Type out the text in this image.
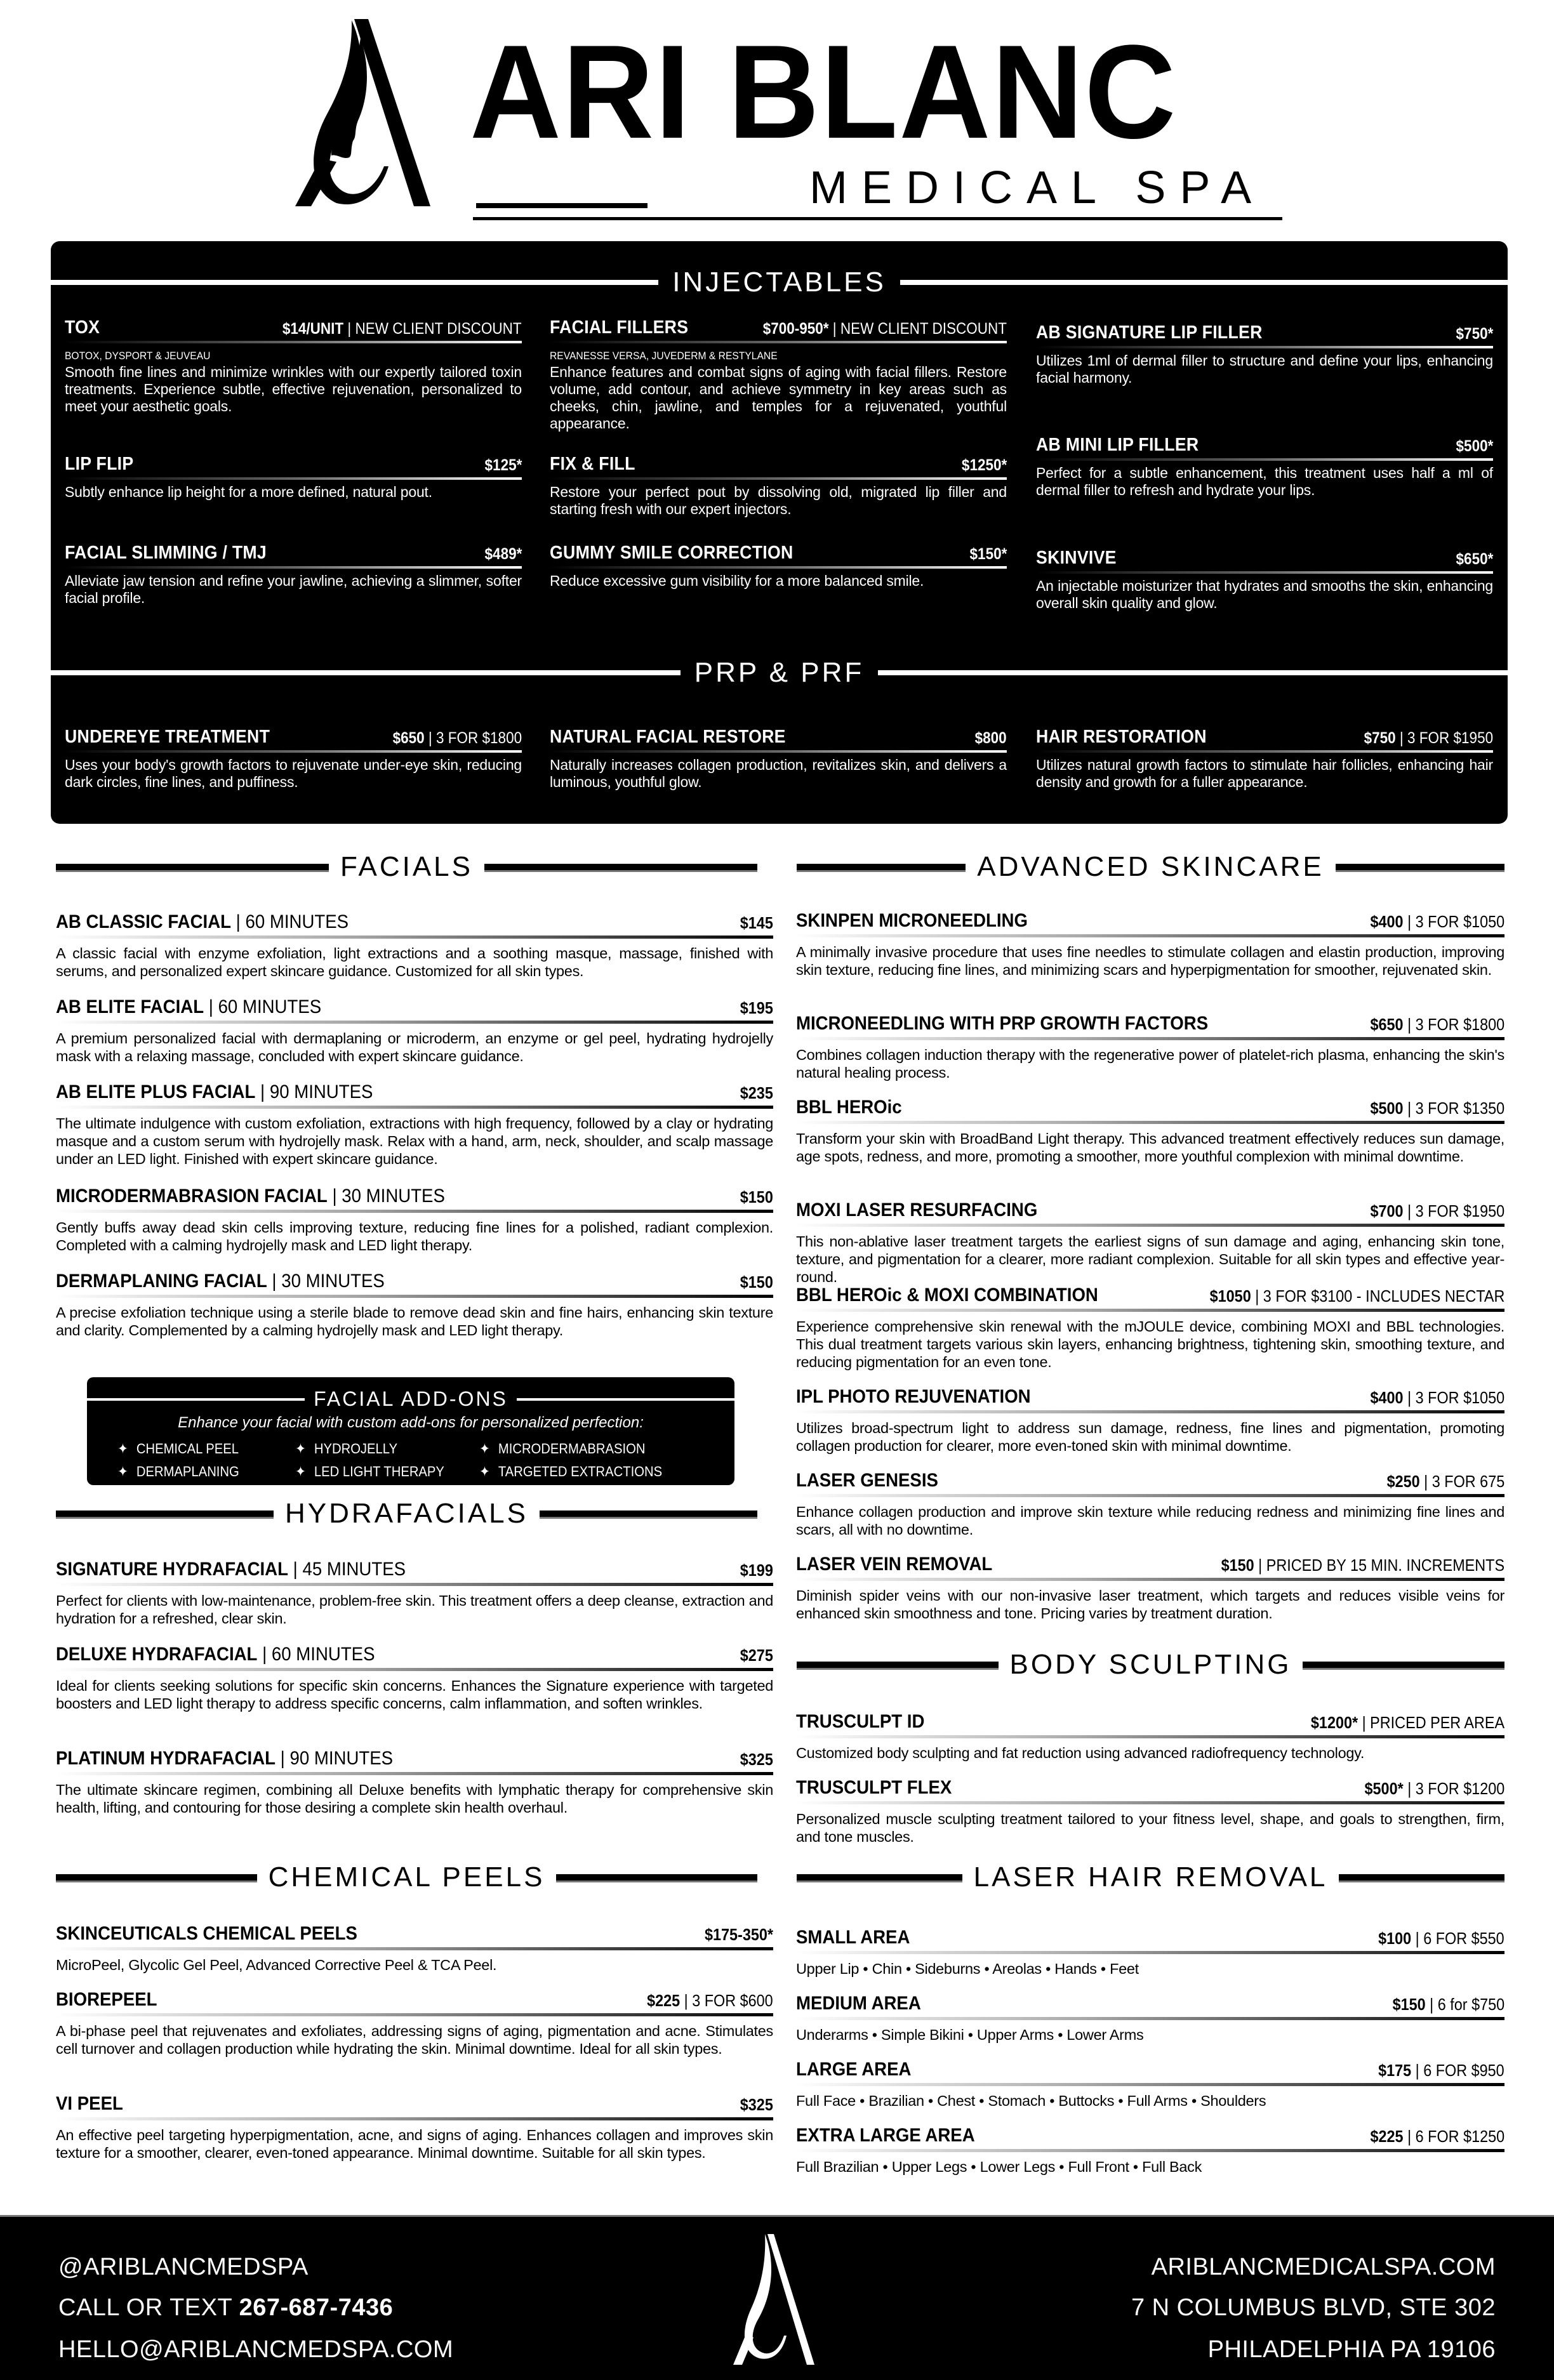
ARI BLANC
MEDICAL SPA
INJECTABLES
TOX	$14/UNIT | NEW CLIENT DISCOUNT
BOTOX, DYSPORT & JEUVEAU
Smooth fine lines and minimize wrinkles with our expertly tailored toxin treatments. Experience subtle, effective rejuvenation, personalized to meet your aesthetic goals.
LIP FLIP	$125*
Subtly enhance lip height for a more defined, natural pout.
FACIAL SLIMMING / TMJ	$489*
Alleviate jaw tension and refine your jawline, achieving a slimmer, softer facial profile.
FACIAL FILLERS	$700-950* | NEW CLIENT DISCOUNT
REVANESSE VERSA, JUVEDERM & RESTYLANE
Enhance features and combat signs of aging with facial fillers. Restore volume, add contour, and achieve symmetry in key areas such as cheeks, chin, jawline, and temples for a rejuvenated, youthful appearance.
FIX & FILL	$1250*
Restore your perfect pout by dissolving old, migrated lip filler and starting fresh with our expert injectors.
GUMMY SMILE CORRECTION	$150*
Reduce excessive gum visibility for a more balanced smile.
AB SIGNATURE LIP FILLER	$750*
Utilizes 1ml of dermal filler to structure and define your lips, enhancing facial harmony.
AB MINI LIP FILLER	$500*
Perfect for a subtle enhancement, this treatment uses half a ml of dermal filler to refresh and hydrate your lips.
SKINVIVE	$650*
An injectable moisturizer that hydrates and smooths the skin, enhancing overall skin quality and glow.
PRP & PRF
UNDEREYE TREATMENT	$650 | 3 FOR $1800
Uses your body's growth factors to rejuvenate under-eye skin, reducing dark circles, fine lines, and puffiness.
NATURAL FACIAL RESTORE	$800
Naturally increases collagen production, revitalizes skin, and delivers a luminous, youthful glow.
HAIR RESTORATION	$750 | 3 FOR $1950
Utilizes natural growth factors to stimulate hair follicles, enhancing hair density and growth for a fuller appearance.
FACIALS
AB CLASSIC FACIAL | 60 MINUTES	$145
A classic facial with enzyme exfoliation, light extractions and a soothing masque, massage, finished with serums, and personalized expert skincare guidance. Customized for all skin types.
AB ELITE FACIAL | 60 MINUTES	$195
A premium personalized facial with dermaplaning or microderm, an enzyme or gel peel, hydrating hydrojelly mask with a relaxing massage, concluded with expert skincare guidance.
AB ELITE PLUS FACIAL | 90 MINUTES	$235
The ultimate indulgence with custom exfoliation, extractions with high frequency, followed by a clay or hydrating masque and a custom serum with hydrojelly mask. Relax with a hand, arm, neck, shoulder, and scalp massage under an LED light. Finished with expert skincare guidance.
MICRODERMABRASION FACIAL | 30 MINUTES	$150
Gently buffs away dead skin cells improving texture, reducing fine lines for a polished, radiant complexion. Completed with a calming hydrojelly mask and LED light therapy.
DERMAPLANING FACIAL | 30 MINUTES	$150
A precise exfoliation technique using a sterile blade to remove dead skin and fine hairs, enhancing skin texture and clarity. Complemented by a calming hydrojelly mask and LED light therapy.
FACIAL ADD-ONS
Enhance your facial with custom add-ons for personalized perfection:
✦ CHEMICAL PEEL	✦ HYDROJELLY	✦ MICRODERMABRASION
✦ DERMAPLANING	✦ LED LIGHT THERAPY	✦ TARGETED EXTRACTIONS
HYDRAFACIALS
SIGNATURE HYDRAFACIAL | 45 MINUTES	$199
Perfect for clients with low-maintenance, problem-free skin. This treatment offers a deep cleanse, extraction and hydration for a refreshed, clear skin.
DELUXE HYDRAFACIAL | 60 MINUTES	$275
Ideal for clients seeking solutions for specific skin concerns. Enhances the Signature experience with targeted boosters and LED light therapy to address specific concerns, calm inflammation, and soften wrinkles.
PLATINUM HYDRAFACIAL | 90 MINUTES	$325
The ultimate skincare regimen, combining all Deluxe benefits with lymphatic therapy for comprehensive skin health, lifting, and contouring for those desiring a complete skin health overhaul.
CHEMICAL PEELS
SKINCEUTICALS CHEMICAL PEELS	$175-350*
MicroPeel, Glycolic Gel Peel, Advanced Corrective Peel & TCA Peel.
BIOREPEEL	$225 | 3 FOR $600
A bi-phase peel that rejuvenates and exfoliates, addressing signs of aging, pigmentation and acne. Stimulates cell turnover and collagen production while hydrating the skin. Minimal downtime. Ideal for all skin types.
VI PEEL	$325
An effective peel targeting hyperpigmentation, acne, and signs of aging. Enhances collagen and improves skin texture for a smoother, clearer, even-toned appearance. Minimal downtime. Suitable for all skin types.
ADVANCED SKINCARE
SKINPEN MICRONEEDLING	$400 | 3 FOR $1050
A minimally invasive procedure that uses fine needles to stimulate collagen and elastin production, improving skin texture, reducing fine lines, and minimizing scars and hyperpigmentation for smoother, rejuvenated skin.
MICRONEEDLING WITH PRP GROWTH FACTORS	$650 | 3 FOR $1800
Combines collagen induction therapy with the regenerative power of platelet-rich plasma, enhancing the skin's natural healing process.
BBL HEROic	$500 | 3 FOR $1350
Transform your skin with BroadBand Light therapy. This advanced treatment effectively reduces sun damage, age spots, redness, and more, promoting a smoother, more youthful complexion with minimal downtime.
MOXI LASER RESURFACING	$700 | 3 FOR $1950
This non-ablative laser treatment targets the earliest signs of sun damage and aging, enhancing skin tone, texture, and pigmentation for a clearer, more radiant complexion. Suitable for all skin types and effective year-round.
BBL HEROic & MOXI COMBINATION	$1050 | 3 FOR $3100 - INCLUDES NECTAR
Experience comprehensive skin renewal with the mJOULE device, combining MOXI and BBL technologies. This dual treatment targets various skin layers, enhancing brightness, tightening skin, smoothing texture, and reducing pigmentation for an even tone.
IPL PHOTO REJUVENATION	$400 | 3 FOR $1050
Utilizes broad-spectrum light to address sun damage, redness, fine lines and pigmentation, promoting collagen production for clearer, more even-toned skin with minimal downtime.
LASER GENESIS	$250 | 3 FOR 675
Enhance collagen production and improve skin texture while reducing redness and minimizing fine lines and scars, all with no downtime.
LASER VEIN REMOVAL	$150 | PRICED BY 15 MIN. INCREMENTS
Diminish spider veins with our non-invasive laser treatment, which targets and reduces visible veins for enhanced skin smoothness and tone. Pricing varies by treatment duration.
BODY SCULPTING
TRUSCULPT ID	$1200* | PRICED PER AREA
Customized body sculpting and fat reduction using advanced radiofrequency technology.
TRUSCULPT FLEX	$500* | 3 FOR $1200
Personalized muscle sculpting treatment tailored to your fitness level, shape, and goals to strengthen, firm, and tone muscles.
LASER HAIR REMOVAL
SMALL AREA	$100 | 6 FOR $550
Upper Lip • Chin • Sideburns • Areolas • Hands • Feet
MEDIUM AREA	$150 | 6 for $750
Underarms • Simple Bikini • Upper Arms • Lower Arms
LARGE AREA	$175 | 6 FOR $950
Full Face • Brazilian • Chest • Stomach • Buttocks • Full Arms • Shoulders
EXTRA LARGE AREA	$225 | 6 FOR $1250
Full Brazilian • Upper Legs • Lower Legs • Full Front • Full Back
@ARIBLANCMEDSPA
CALL OR TEXT 267-687-7436
HELLO@ARIBLANCMEDSPA.COM
ARIBLANCMEDICALSPA.COM
7 N COLUMBUS BLVD, STE 302
PHILADELPHIA PA 19106
